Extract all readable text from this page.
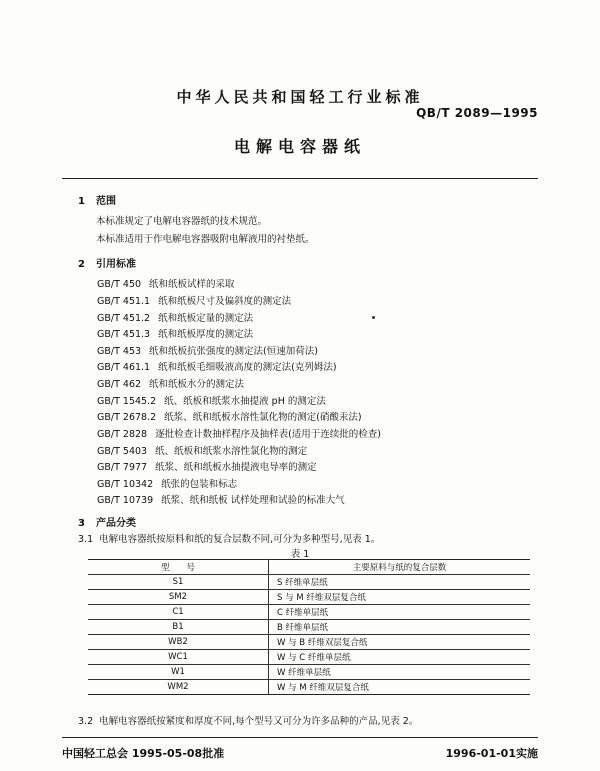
中华人民共和国轻工行业标准
QB/T 2089—1995
电解电容器纸
1 范围
本标准规定了电解电容器纸的技术规范。
本标准适用于作电解电容器吸附电解液用的衬垫纸。
2 引用标准
GB/T 450 纸和纸板试样的采取
GB/T 451.1 纸和纸板尺寸及偏斜度的测定法
GB/T 451.2 纸和纸板定量的测定法
GB/T 451.3 纸和纸板厚度的测定法
GB/T 453 纸和纸板抗张强度的测定法(恒速加荷法)
GB/T 461.1 纸和纸板毛细吸液高度的测定法(克列姆法)
GB/T 462 纸和纸板水分的测定法
GB/T 1545.2 纸、纸板和纸浆水抽提液 pH 的测定法
GB/T 2678.2 纸浆、纸和纸板水溶性氯化物的测定(硝酸汞法)
GB/T 2828 逐批检查计数抽样程序及抽样表(适用于连续批的检查)
GB/T 5403 纸、纸板和纸浆水溶性氯化物的测定
GB/T 7977 纸浆、纸和纸板水抽提液电导率的测定
GB/T 10342 纸张的包装和标志
GB/T 10739 纸浆、纸和纸板 试样处理和试验的标准大气
3 产品分类
3.1 电解电容器纸按原料和纸的复合层数不同,可分为多种型号,见表 1。
表 1
型　　号	主要原料与纸的复合层数
S1	S 纤维单层纸
SM2	S 与 M 纤维双层复合纸
C1	C 纤维单层纸
B1	B 纤维单层纸
WB2	W 与 B 纤维双层复合纸
WC1	W 与 C 纤维单层纸
W1	W 纤维单层纸
WM2	W 与 M 纤维双层复合纸
3.2 电解电容器纸按紧度和厚度不同,每个型号又可分为许多品种的产品,见表 2。
中国轻工总会 1995-05-08批准	1996-01-01实施
